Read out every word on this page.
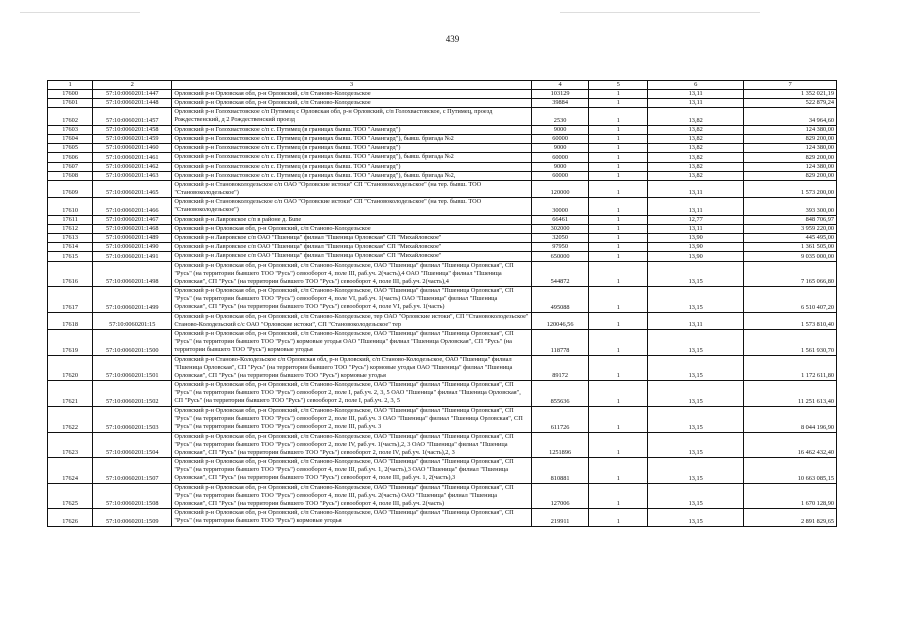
439
1	2	3	4	5	6	7
17600	57:10:0060201:1447	Орловский р-н Орловская обл, р-н Орловский, с/п Станово-Колодезьское	103129	1	13,11	1 352 021,19
17601	57:10:0060201:1448	Орловский р-н Орловская обл, р-н Орловский, с/п Станово-Колодезьское	39884	1	13,11	522 879,24
17602	57:10:0060201:1457	Орловский р-н Голохвастовское с/п Путимец с Орловская обл, р-н Орловский, с/п Голохвастовское, с Путимец, проезд Рождественский, д 2 Рождественский проезд	2530	1	13,82	34 964,60
17603	57:10:0060201:1458	Орловский р-н Голохвастовское с/п с. Путимец (в границах бывш. ТОО "Авангард")	9000	1	13,82	124 380,00
17604	57:10:0060201:1459	Орловский р-н Голохвастовское с/п с. Путимец (в границах бывш. ТОО "Авангард"), бывш. бригада №2	60000	1	13,82	829 200,00
17605	57:10:0060201:1460	Орловский р-н Голохвастовское с/п с. Путимец (в границах бывш. ТОО "Авангард")	9000	1	13,82	124 380,00
17606	57:10:0060201:1461	Орловский р-н Голохвастовское с/п с. Путимец (в границах бывш. ТОО "Авангард"), бывш. бригада №2	60000	1	13,82	829 200,00
17607	57:10:0060201:1462	Орловский р-н Голохвастовское с/п с. Путимец (в границах бывш. ТОО "Авангард")	9000	1	13,82	124 380,00
17608	57:10:0060201:1463	Орловский р-н Голохвастовское с/п с. Путимец (в границах бывш. ТОО "Авангард"), бывш. бригада №2,	60000	1	13,82	829 200,00
17609	57:10:0060201:1465	Орловский р-н Становоколодезьское с/п ОАО "Орловские истоки" СП "Становоколодезьское" (на тер. бывш. ТОО "Становоколодезьское")	120000	1	13,11	1 573 200,00
17610	57:10:0060201:1466	Орловский р-н Становоколодезьское с/п ОАО "Орловские истоки" СП "Становоколодезьское" (на тер. бывш. ТОО "Становоколодезьское")	30000	1	13,11	393 300,00
17611	57:10:0060201:1467	Орловский р-н Лавровское с/п в районе д. Бune	66461	1	12,77	848 706,97
17612	57:10:0060201:1468	Орловский р-н Орловская обл, р-н Орловский, с/п Станово-Колодезьское	302000	1	13,11	3 959 220,00
17613	57:10:0060201:1489	Орловский р-н Лавровское с/п ОАО "Пшеница" филиал "Пшеница Орловская" СП "Михайловское"	32050	1	13,90	445 495,00
17614	57:10:0060201:1490	Орловский р-н Лавровское с/п ОАО "Пшеница" филиал "Пшеница Орловская" СП "Михайловское"	97950	1	13,90	1 361 505,00
17615	57:10:0060201:1491	Орловский р-н Лавровское с/п ОАО "Пшеница" филиал "Пшеница Орловская" СП "Михайловское"	650000	1	13,90	9 035 000,00
17616	57:10:0060201:1498	Орловский р-н Орловская обл, р-н Орловский, с/п Станово-Колодезьское, ОАО "Пшеница" филиал "Пшеница Орловская", СП "Русь" (на территории бывшего ТОО "Русь") севооборот 4, поле III, раб.уч. 2(часть),4 ОАО "Пшеница" филиал "Пшеница Орловская", СП "Русь" (на территории бывшего ТОО "Русь") севооборот 4, поле III, раб.уч. 2(часть),4	544872	1	13,15	7 165 066,80
17617	57:10:0060201:1499	Орловский р-н Орловская обл, р-н Орловский, с/п Станово-Колодезьское, ОАО "Пшеница" филиал "Пшеница Орловская", СП "Русь" (на территории бывшего ТОО "Русь") севооборот 4, поле VI, раб.уч. 1(часть) ОАО "Пшеница" филиал "Пшеница Орловская", СП "Русь" (на территории бывшего ТОО "Русь") севооборот 4, поле VI, раб.уч. 1(часть)	495088	1	13,15	6 510 407,20
17618	57:10:0060201:15	Орловский р-н Орловская обл, р-н Орловский, с/п Станово-Колодезьское, тер ОАО "Орловские истоки", СП "Становоколодезьское" Станово-Колодезьский с/с ОАО "Орловские истоки", СП "Становоколодезьское" тер	120046,56	1	13,11	1 573 810,40
17619	57:10:0060201:1500	Орловский р-н Орловская обл, р-н Орловский, с/п Станово-Колодезьское, ОАО "Пшеница" филиал "Пшеница Орловская", СП "Русь" (на территории бывшего ТОО "Русь") кормовые угодья ОАО "Пшеница" филиал "Пшеница Орловская", СП "Русь" (на территории бывшего ТОО "Русь") кормовые угодья	118778	1	13,15	1 561 930,70
17620	57:10:0060201:1501	Орловский р-н Станово-Колодезьское с/п Орловская обл, р-н Орловский, с/п Станово-Колодезьское, ОАО "Пшеница" филиал "Пшеница Орловская", СП "Русь" (на территории бывшего ТОО "Русь") кормовые угодья ОАО "Пшеница" филиал "Пшеница Орловская", СП "Русь" (на территории бывшего ТОО "Русь") кормовые угодья	89172	1	13,15	1 172 611,80
17621	57:10:0060201:1502	Орловский р-н Орловская обл, р-н Орловский, с/п Станово-Колодезьское, ОАО "Пшеница" филиал "Пшеница Орловская", СП "Русь" (на территории бывшего ТОО "Русь") севооборот 2, поле I, раб.уч. 2, 3, 5 ОАО "Пшеница" филиал "Пшеница Орловская", СП "Русь" (на территории бывшего ТОО "Русь") севооборот 2, поле I, раб.уч. 2, 3, 5	855636	1	13,15	11 251 613,40
17622	57:10:0060201:1503	Орловский р-н Орловская обл, р-н Орловский, с/п Станово-Колодезьское, ОАО "Пшеница" филиал "Пшеница Орловская", СП "Русь" (на территории бывшего ТОО "Русь") севооборот 2, поле III, раб.уч. 3 ОАО "Пшеница" филиал "Пшеница Орловская", СП "Русь" (на территории бывшего ТОО "Русь") севооборот 2, поле III, раб.уч. 3	611726	1	13,15	8 044 196,90
17623	57:10:0060201:1504	Орловский р-н Орловская обл, р-н Орловский, с/п Станово-Колодезьское, ОАО "Пшеница" филиал "Пшеница Орловская", СП "Русь" (на территории бывшего ТОО "Русь") севооборот 2, поле IV, раб.уч. 1(часть),2, 3 ОАО "Пшеница" филиал "Пшеница Орловская", СП "Русь" (на территории бывшего ТОО "Русь") севооборот 2, поле IV, раб.уч. 1(часть),2, 3	1251896	1	13,15	16 462 432,40
17624	57:10:0060201:1507	Орловский р-н Орловская обл, р-н Орловский, с/п Станово-Колодезьское, ОАО "Пшеница" филиал "Пшеница Орловская", СП "Русь" (на территории бывшего ТОО "Русь") севооборот 4, поле III, раб.уч. 1, 2(часть),3 ОАО "Пшеница" филиал "Пшеница Орловская", СП "Русь" (на территории бывшего ТОО "Русь") севооборот 4, поле III, раб.уч. 1, 2(часть),3	810881	1	13,15	10 663 085,15
17625	57:10:0060201:1508	Орловский р-н Орловская обл, р-н Орловский, с/п Станово-Колодезьское, ОАО "Пшеница" филиал "Пшеница Орловская", СП "Русь" (на территории бывшего ТОО "Русь") севооборот 4, поле III, раб.уч. 2(часть) ОАО "Пшеница" филиал "Пшеница Орловская", СП "Русь" (на территории бывшего ТОО "Русь") севооборот 4, поле III, раб.уч. 2(часть)	127006	1	13,15	1 670 128,90
17626	57:10:0060201:1509	Орловский р-н Орловская обл, р-н Орловский, с/п Станово-Колодезьское, ОАО "Пшеница" филиал "Пшеница Орловская", СП "Русь" (на территории бывшего ТОО "Русь") кормовые угодья	219911	1	13,15	2 891 829,65
